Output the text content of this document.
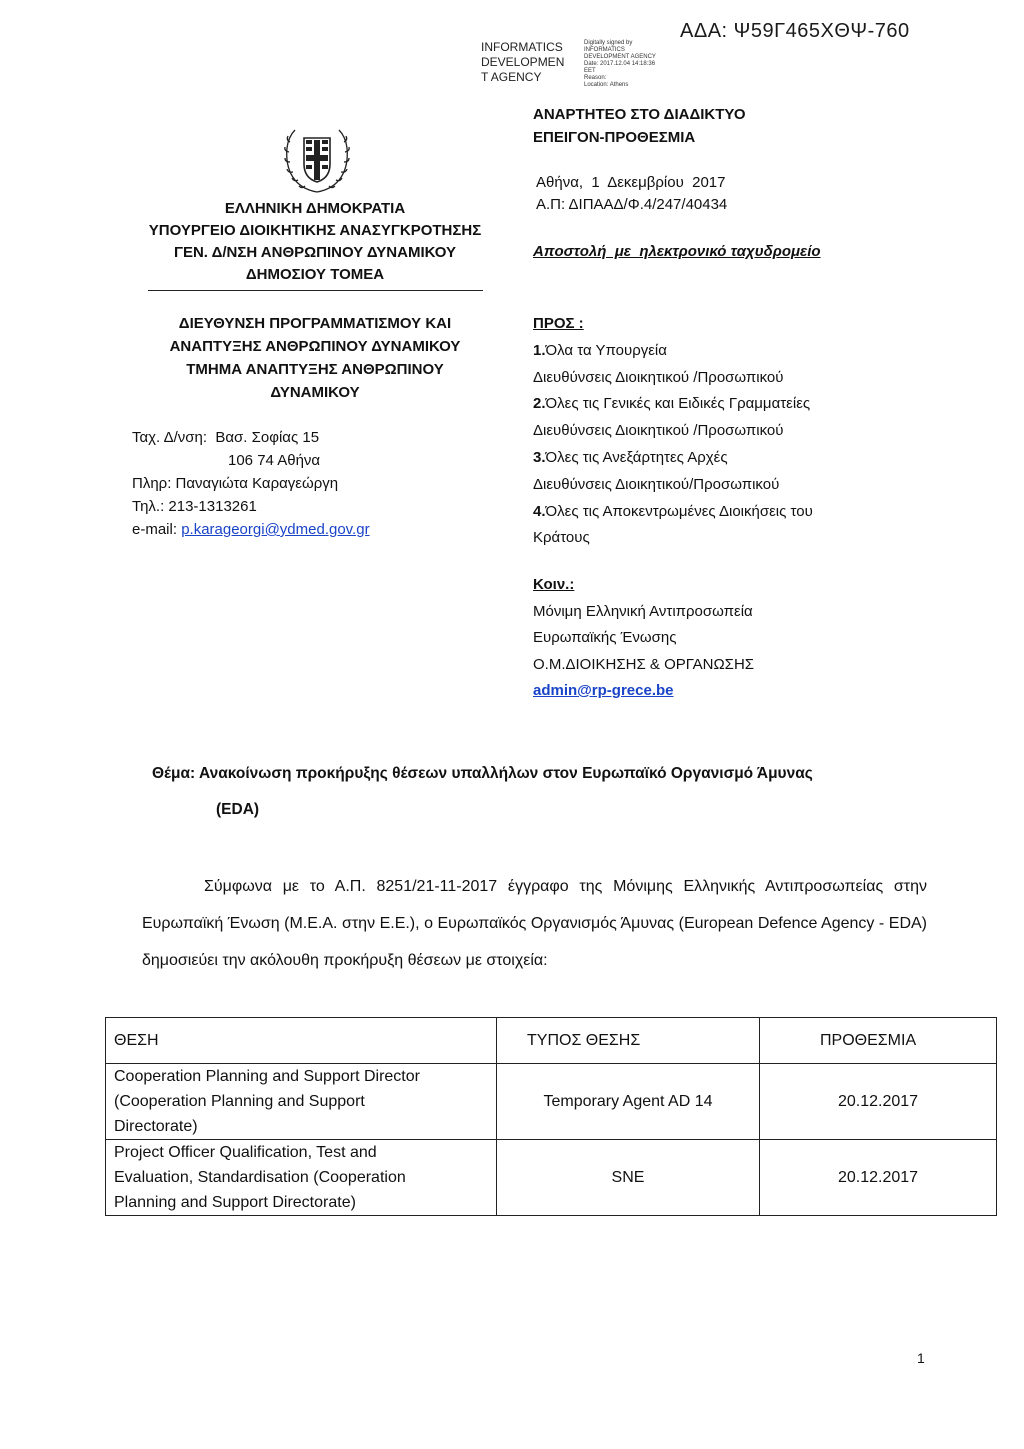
ΑΔΑ: Ψ59Γ465ΧΘΨ-760
INFORMATICS
DEVELOPMEN
T AGENCY
Digitally signed by
INFORMATICS
DEVELOPMENT AGENCY
Date: 2017.12.04 14:18:36
EET
Reason:
Location: Athens
ΑΝΑΡΤΗΤΕΟ ΣΤΟ ΔΙΑΔΙΚΤΥΟ
ΕΠΕΙΓΟΝ-ΠΡΟΘΕΣΜΙΑ
Αθήνα,  1  Δεκεμβρίου  2017
Α.Π: ΔΙΠΑΑΔ/Φ.4/247/40434
Αποστολή  με  ηλεκτρονικό ταχυδρομείο
ΕΛΛΗΝΙΚΗ ΔΗΜΟΚΡΑΤΙΑ
ΥΠΟΥΡΓΕΙΟ ΔΙΟΙΚΗΤΙΚΗΣ ΑΝΑΣΥΓΚΡΟΤΗΣΗΣ
ΓΕΝ. Δ/ΝΣΗ ΑΝΘΡΩΠΙΝΟΥ ΔΥΝΑΜΙΚΟΥ
ΔΗΜΟΣΙΟΥ ΤΟΜΕΑ
ΔΙΕΥΘΥΝΣΗ ΠΡΟΓΡΑΜΜΑΤΙΣΜΟΥ ΚΑΙ
ΑΝΑΠΤΥΞΗΣ ΑΝΘΡΩΠΙΝΟΥ ΔΥΝΑΜΙΚΟΥ
ΤΜΗΜΑ ΑΝΑΠΤΥΞΗΣ ΑΝΘΡΩΠΙΝΟΥ
ΔΥΝΑΜΙΚΟΥ
Ταχ. Δ/νση:  Βασ. Σοφίας 15
106 74 Αθήνα
Πληρ: Παναγιώτα Καραγεώργη
Τηλ.: 213-1313261
e-mail: p.karageorgi@ydmed.gov.gr
ΠΡΟΣ :
1.Όλα τα Υπουργεία
Διευθύνσεις Διοικητικού /Προσωπικού
2.Όλες τις Γενικές και Ειδικές Γραμματείες
Διευθύνσεις Διοικητικού /Προσωπικού
3.Όλες τις Ανεξάρτητες Αρχές
Διευθύνσεις Διοικητικού/Προσωπικού
4.Όλες τις Αποκεντρωμένες Διοικήσεις του
Κράτους
Κοιν.:
Μόνιμη Ελληνική Αντιπροσωπεία
Ευρωπαϊκής Ένωσης
Ο.Μ.ΔΙΟΙΚΗΣΗΣ & ΟΡΓΑΝΩΣΗΣ
admin@rp-grece.be
Θέμα: Ανακοίνωση προκήρυξης θέσεων υπαλλήλων στον Ευρωπαϊκό Οργανισμό Άμυνας
(EDA)
Σύμφωνα με το Α.Π. 8251/21-11-2017 έγγραφο της Μόνιμης Ελληνικής Αντιπροσωπείας στην Ευρωπαϊκή Ένωση (Μ.Ε.Α. στην Ε.Ε.), ο Ευρωπαϊκός Οργανισμός Άμυνας (European Defence Agency - EDA) δημοσιεύει την ακόλουθη προκήρυξη θέσεων με στοιχεία:
ΘΕΣΗ	ΤΥΠΟΣ ΘΕΣΗΣ	ΠΡΟΘΕΣΜΙΑ

Cooperation Planning and Support Director
(Cooperation Planning and Support
Directorate)	Temporary Agent AD 14	20.12.2017

Project Officer Qualification, Test and
Evaluation, Standardisation (Cooperation
Planning and Support Directorate)	SNE	20.12.2017
1
